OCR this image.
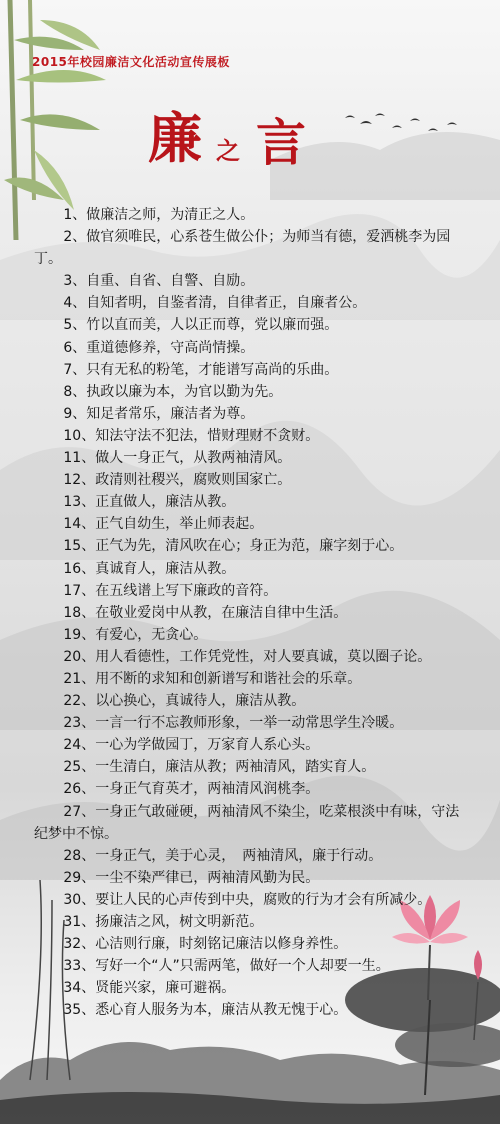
2015年校园廉洁文化活动宣传展板
廉 之 言
1、做廉洁之师，为清正之人。
2、做官须唯民，心系苍生做公仆；为师当有德，爱洒桃李为园丁。
3、自重、自省、自警、自励。
4、自知者明，自鉴者清，自律者正，自廉者公。
5、竹以直而美，人以正而尊，党以廉而强。
6、重道德修养，守高尚情操。
7、只有无私的粉笔，才能谱写高尚的乐曲。
8、执政以廉为本，为官以勤为先。
9、知足者常乐，廉洁者为尊。
10、知法守法不犯法，惜财理财不贪财。
11、做人一身正气，从教两袖清风。
12、政清则社稷兴，腐败则国家亡。
13、正直做人，廉洁从教。
14、正气自幼生，举止师表起。
15、正气为先，清风吹在心；身正为范，廉字刻于心。
16、真诚育人，廉洁从教。
17、在五线谱上写下廉政的音符。
18、在敬业爱岗中从教，在廉洁自律中生活。
19、有爱心，无贪心。
20、用人看德性，工作凭党性，对人要真诚，莫以圈子论。
21、用不断的求知和创新谱写和谐社会的乐章。
22、以心换心，真诚待人，廉洁从教。
23、一言一行不忘教师形象，一举一动常思学生冷暖。
24、一心为学做园丁，万家育人系心头。
25、一生清白，廉洁从教；两袖清风，踏实育人。
26、一身正气育英才，两袖清风润桃李。
27、一身正气敢碰硬，两袖清风不染尘，吃菜根淡中有味，守法纪梦中不惊。
28、一身正气，美于心灵，　两袖清风，廉于行动。
29、一尘不染严律已，两袖清风勤为民。
30、要让人民的心声传到中央，腐败的行为才会有所减少。
31、扬廉洁之风，树文明新范。
32、心洁则行廉，时刻铭记廉洁以修身养性。
33、写好一个“人”只需两笔，做好一个人却要一生。
34、贤能兴家，廉可避祸。
35、悉心育人服务为本，廉洁从教无愧于心。
